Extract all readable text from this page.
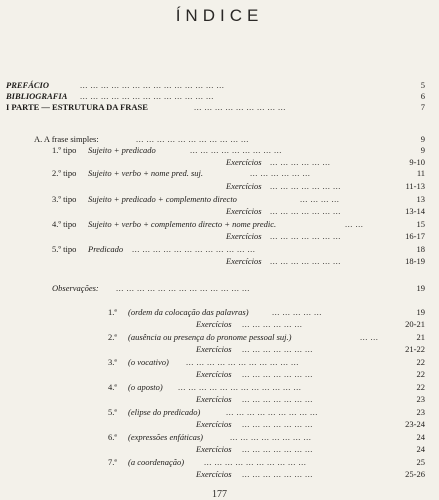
ÍNDICE
PREFÁCIO	... ... ... ... ... ... ... ... ... ... ... ... ... ...	5
BIBLIOGRAFIA ... ... ... ... ... ... ... ... ... ... ... ... ...	6
I PARTE — ESTRUTURA DA FRASE	... ... ... ... ... ... ... ... ...	7
A. A frase simples:	... ... ... ... ... ... ... ... ... ... ...	9
1.º tipo Sujeito + predicado	... ... ... ... ... ... ... ... ...	9
Exercícios ... ... ... ... ... ...	9-10
2.º tipo Sujeito + verbo + nome pred. suj.	... ... ... ... ... ...	11
Exercícios ... ... ... ... ... ... ...	11-13
3.º tipo Sujeito + predicado + complemento directo	... ... ... ...	13
Exercícios ... ... ... ... ... ... ...	13-14
4.º tipo Sujeito + verbo + complemento directo + nome predic.	... ...	15
Exercícios ... ... ... ... ... ... ...	16-17
5.º tipo Predicado ... ... ... ... ... ... ... ... ... ... ... ...	18
Exercícios ... ... ... ... ... ... ...	18-19
Observações: ... ... ... ... ... ... ... ... ... ... ... ... ...	19
1.ª (ordem da colocação das palavras)	... ... ... ... ...	19
Exercícios ... ... ... ... ... ...	20-21
2.ª (ausência ou presença do pronome pessoal suj.)	... ...	21
Exercícios ... ... ... ... ... ... ...	21-22
3.ª (o vocativo) ... ... ... ... ... ... ... ... ... ... ...	22
Exercícios ... ... ... ... ... ... ...	22
4.ª (o aposto) ... ... ... ... ... ... ... ... ... ... ... ...	22
Exercícios ... ... ... ... ... ... ...	23
5.ª (elipse do predicado)	... ... ... ... ... ... ... ... ...	23
Exercícios ... ... ... ... ... ... ...	23-24
6.ª (expressões enfáticas)	... ... ... ... ... ... ... ...	24
Exercícios ... ... ... ... ... ... ...	24
7.ª (a coordenação) ... ... ... ... ... ... ... ... ... ...	25
Exercícios ... ... ... ... ... ... ...	25-26
177
